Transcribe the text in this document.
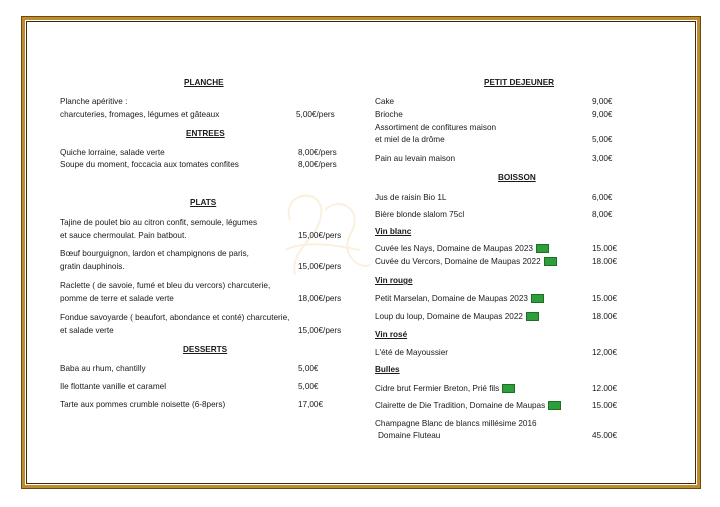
PLANCHE
Planche apéritive :
charcuteries, fromages, légumes et gâteaux	5,00€/pers
ENTREES
Quiche lorraine, salade verte	8,00€/pers
Soupe du moment, foccacia aux tomates confites	8,00€/pers
PLATS
Tajine de poulet bio au citron confit, semoule, légumes
et sauce chermoulat. Pain batbout.	15,00€/pers
Bœuf bourguignon, lardon et champignons de paris,
gratin dauphinois.	15,00€/pers
Raclette ( de savoie, fumé et bleu du vercors) charcuterie,
pomme de terre et salade verte	18,00€/pers
Fondue savoyarde ( beaufort, abondance et conté) charcuterie,
et salade verte	15,00€/pers
DESSERTS
Baba au rhum, chantilly	5,00€
Ile flottante vanille et caramel	5,00€
Tarte aux pommes crumble noisette (6-8pers)	17,00€
PETIT DEJEUNER
Cake	9,00€
Brioche	9,00€
Assortiment de confitures maison
et miel de la drôme	5,00€
Pain au levain maison	3,00€
BOISSON
Jus de raisin Bio 1L	6,00€
Bière blonde slalom 75cl	8,00€
Vin blanc
Cuvée les Nays, Domaine de Maupas 2023	15.00€
Cuvée du Vercors, Domaine de Maupas 2022	18.00€
Vin rouge
Petit Marselan, Domaine de Maupas 2023	15.00€
Loup du loup, Domaine de Maupas 2022	18.00€
Vin rosé
L'été de Mayoussier	12,00€
Bulles
Cidre brut Fermier Breton, Prié fils	12.00€
Clairette de Die Tradition, Domaine de Maupas	15.00€
Champagne Blanc de blancs millésime 2016
Domaine Fluteau	45.00€
